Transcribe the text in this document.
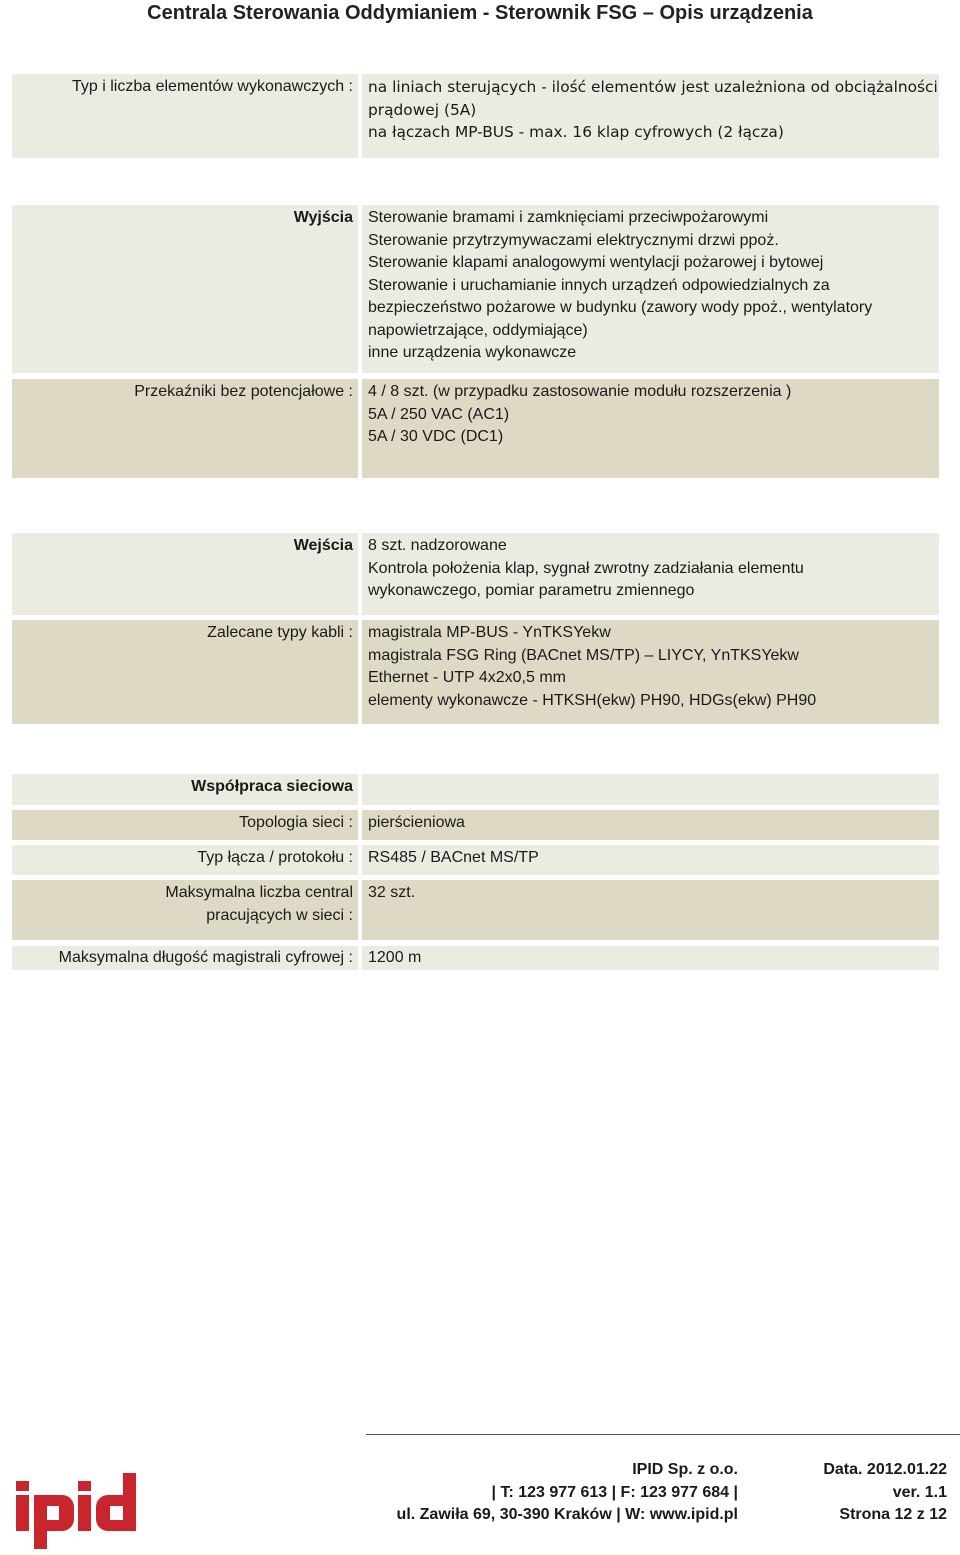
Centrala Sterowania Oddymianiem - Sterownik FSG – Opis urządzenia
Typ i liczba elementów wykonawczych : na liniach sterujących - ilość elementów jest uzależniona od obciążalności
prądowej (5A)
na łączach MP-BUS - max. 16 klap cyfrowych (2 łącza)
Wyjścia Sterowanie bramami i zamknięciami przeciwpożarowymi
Sterowanie przytrzymywaczami elektrycznymi drzwi ppoż.
Sterowanie klapami analogowymi wentylacji pożarowej i bytowej
Sterowanie i uruchamianie innych urządzeń odpowiedzialnych za
bezpieczeństwo pożarowe w budynku (zawory wody ppoż., wentylatory
napowietrzające, oddymiające)
inne urządzenia wykonawcze
Przekaźniki bez potencjałowe : 4 / 8 szt. (w przypadku zastosowanie modułu rozszerzenia )
5A / 250 VAC (AC1)
5A / 30 VDC (DC1)
Wejścia 8 szt. nadzorowane
Kontrola położenia klap, sygnał zwrotny zadziałania elementu
wykonawczego, pomiar parametru zmiennego
Zalecane typy kabli : magistrala MP-BUS - YnTKSYekw
magistrala FSG Ring (BACnet MS/TP) – LIYCY, YnTKSYekw
Ethernet - UTP 4x2x0,5 mm
elementy wykonawcze - HTKSH(ekw) PH90, HDGs(ekw) PH90
Współpraca sieciowa
Topologia sieci : pierścieniowa
Typ łącza / protokołu : RS485 / BACnet MS/TP
Maksymalna liczba central
pracujących w sieci :
32 szt.
Maksymalna długość magistrali cyfrowej : 1200 m
IPID Sp. z o.o.
| T: 123 977 613 | F: 123 977 684 |
ul. Zawiła 69, 30-390 Kraków | W: www.ipid.pl
Data. 2012.01.22
ver. 1.1
Strona 12 z 12
